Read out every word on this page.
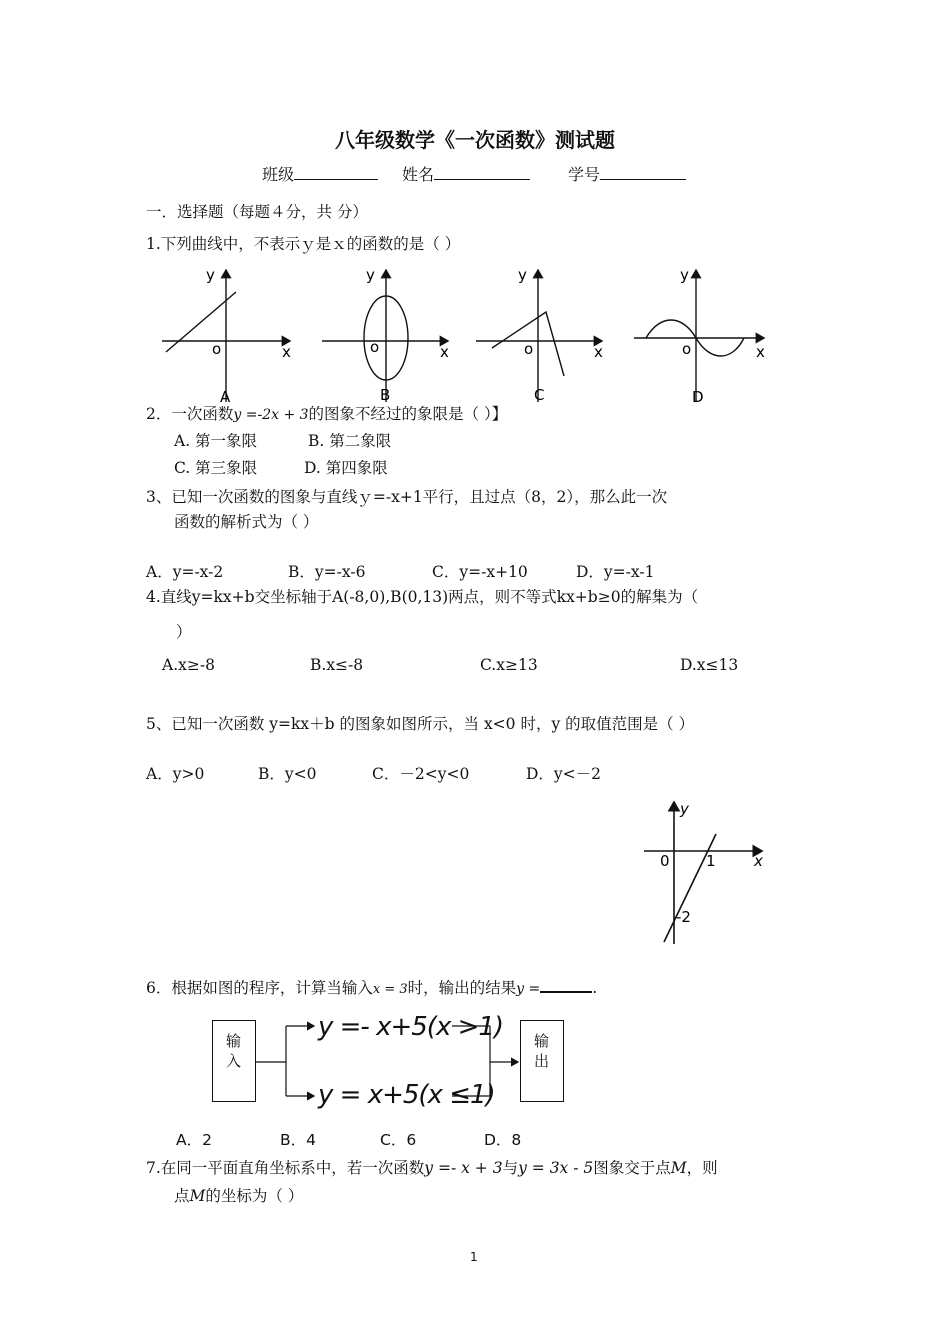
八年级数学《一次函数》测试题
班级	姓名	学号
一．选择题（每题４分，共 分）
1.下列曲线中，不表示ｙ是ｘ的函数的是（ ）
y
x
o
A
y
x
o
B
y
x
o
C
y
x
o
D
2．一次函数y =-2x + 3的图象不经过的象限是（ ）】
A. 第一象限	B. 第二象限
C. 第三象限	D. 第四象限
3、已知一次函数的图象与直线ｙ=-x+1平行，且过点（8，2），那么此一次
函数的解析式为（ ）
A．y=-x-2	B．y=-x-6	C．y=-x+10	D．y=-x-1
4.直线y=kx+b交坐标轴于A(-8,0),B(0,13)两点，则不等式kx+b≥0的解集为（
）
A.x≥-8	B.x≤-8	C.x≥13	D.x≤13
5、已知一次函数 y=kx＋b 的图象如图所示，当 x<0 时，y 的取值范围是（ ）
A．y>0	B．y<0	C．－2<y<0	D．y<－2
y
x
0 1
-2
6．根据如图的程序，计算当输入x = 3时，输出的结果y =	.
输入
输出
y =- x+5(x >1)
y = x+5(x ≤1)
A．2	B．4	C．6	D．8
7.在同一平面直角坐标系中，若一次函数y =- x + 3与y = 3x - 5图象交于点M，则
点M的坐标为（ ）
1
